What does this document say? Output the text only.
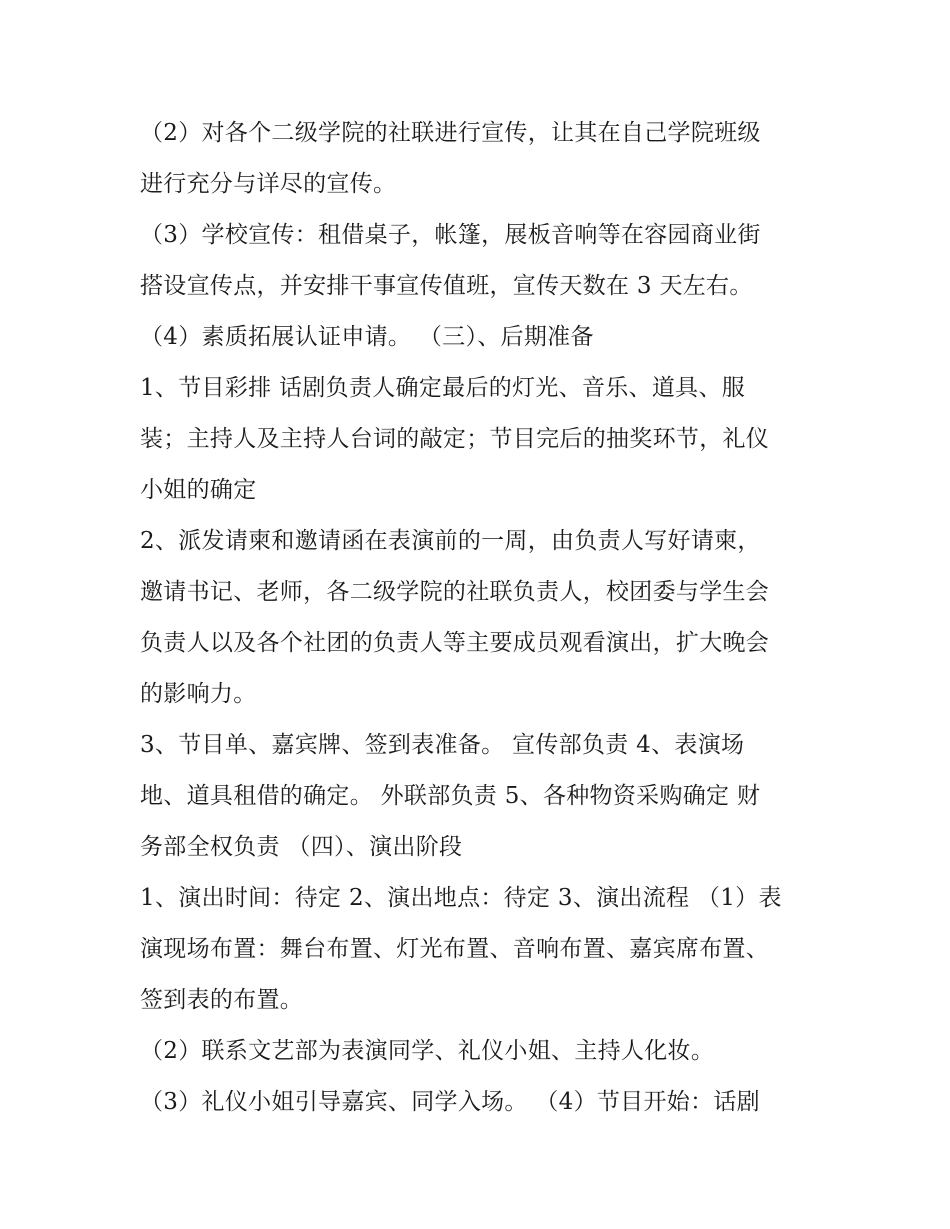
（2）对各个二级学院的社联进行宣传，让其在自己学院班级
进行充分与详尽的宣传。
（3）学校宣传：租借桌子，帐篷，展板音响等在容园商业街
搭设宣传点，并安排干事宣传值班，宣传天数在 3 天左右。
（4）素质拓展认证申请。 （三）、后期准备
1、节目彩排 话剧负责人确定最后的灯光、音乐、道具、服
装；主持人及主持人台词的敲定；节目完后的抽奖环节，礼仪
小姐的确定
2、派发请柬和邀请函在表演前的一周，由负责人写好请柬，
邀请书记、老师，各二级学院的社联负责人，校团委与学生会
负责人以及各个社团的负责人等主要成员观看演出，扩大晚会
的影响力。
3、节目单、嘉宾牌、签到表准备。 宣传部负责 4、表演场
地、道具租借的确定。 外联部负责 5、各种物资采购确定 财
务部全权负责 （四）、演出阶段
1、演出时间：待定 2、演出地点：待定 3、演出流程 （1）表
演现场布置：舞台布置、灯光布置、音响布置、嘉宾席布置、
签到表的布置。
（2）联系文艺部为表演同学、礼仪小姐、主持人化妆。
（3）礼仪小姐引导嘉宾、同学入场。 （4）节目开始：话剧
